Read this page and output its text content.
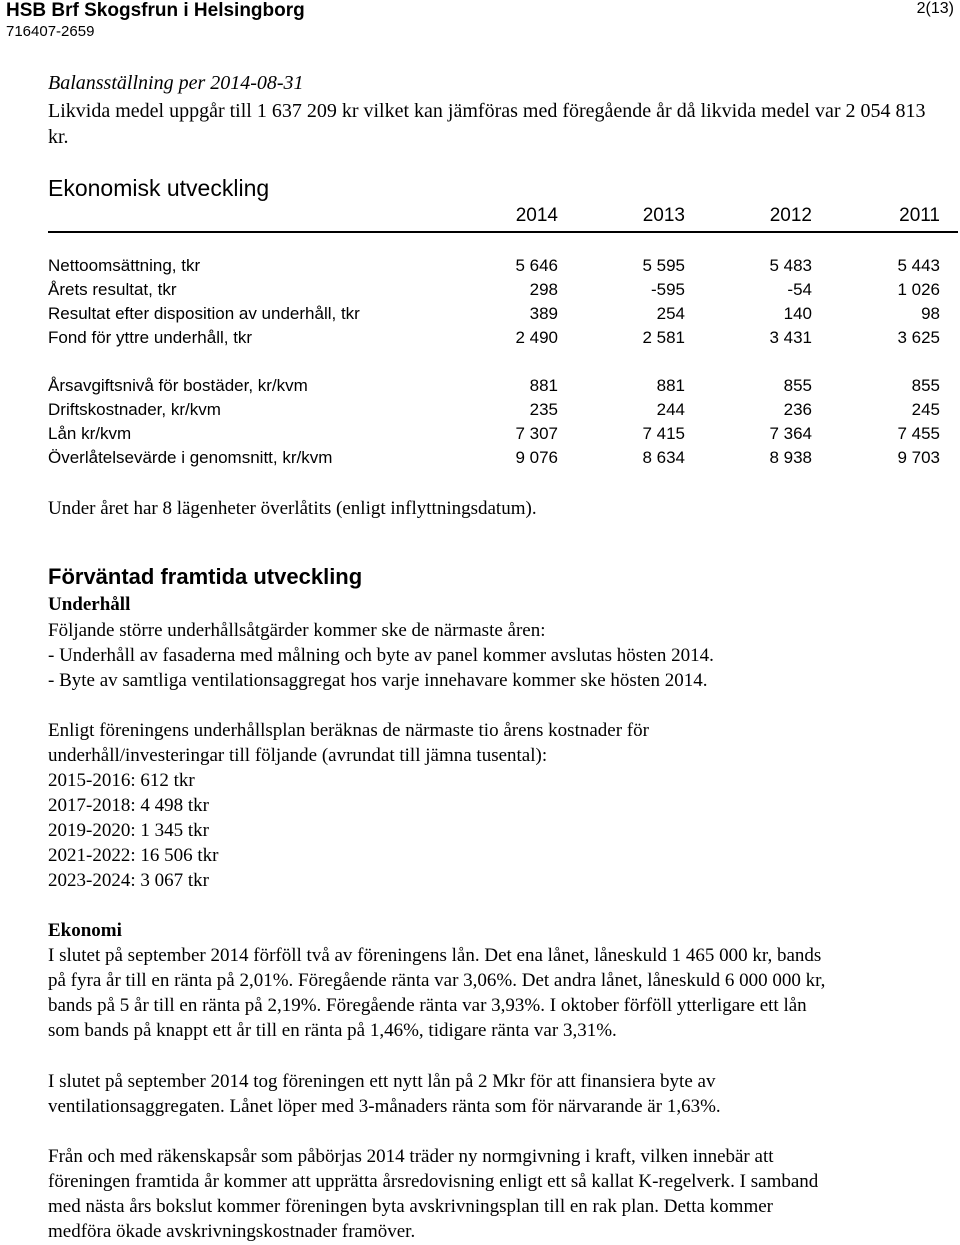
HSB Brf Skogsfrun i Helsingborg
716407-2659
2(13)
Balansställning per 2014-08-31
Likvida medel uppgår till 1 637 209 kr vilket kan jämföras med föregående år då likvida medel var 2 054 813 kr.
Ekonomisk utveckling
2014	2013	2012	2011
Nettoomsättning, tkr	5 646	5 595	5 483	5 443
Årets resultat, tkr	298	-595	-54	1 026
Resultat efter disposition av underhåll, tkr	389	254	140	98
Fond för yttre underhåll, tkr	2 490	2 581	3 431	3 625
Årsavgiftsnivå för bostäder, kr/kvm	881	881	855	855
Driftskostnader, kr/kvm	235	244	236	245
Lån kr/kvm	7 307	7 415	7 364	7 455
Överlåtelsevärde i genomsnitt, kr/kvm	9 076	8 634	8 938	9 703
Under året har 8 lägenheter överlåtits (enligt inflyttningsdatum).
Förväntad framtida utveckling
Underhåll
Följande större underhållsåtgärder kommer ske de närmaste åren:
- Underhåll av fasaderna med målning och byte av panel kommer avslutas hösten 2014.
- Byte av samtliga ventilationsaggregat hos varje innehavare kommer ske hösten 2014.
Enligt föreningens underhållsplan beräknas de närmaste tio årens kostnader för
underhåll/investeringar till följande (avrundat till jämna tusental):
2015-2016: 612 tkr
2017-2018: 4 498 tkr
2019-2020: 1 345 tkr
2021-2022: 16 506 tkr
2023-2024: 3 067 tkr
Ekonomi
I slutet på september 2014 förföll två av föreningens lån. Det ena lånet, låneskuld 1 465 000 kr, bands
på fyra år till en ränta på 2,01%. Föregående ränta var 3,06%. Det andra lånet, låneskuld 6 000 000 kr,
bands på 5 år till en ränta på 2,19%. Föregående ränta var 3,93%. I oktober förföll ytterligare ett lån
som bands på knappt ett år till en ränta på 1,46%, tidigare ränta var 3,31%.
I slutet på september 2014 tog föreningen ett nytt lån på 2 Mkr för att finansiera byte av
ventilationsaggregaten. Lånet löper med 3-månaders ränta som för närvarande är 1,63%.
Från och med räkenskapsår som påbörjas 2014 träder ny normgivning i kraft, vilken innebär att
föreningen framtida år kommer att upprätta årsredovisning enligt ett så kallat K-regelverk. I samband
med nästa års bokslut kommer föreningen byta avskrivningsplan till en rak plan. Detta kommer
medföra ökade avskrivningskostnader framöver.
